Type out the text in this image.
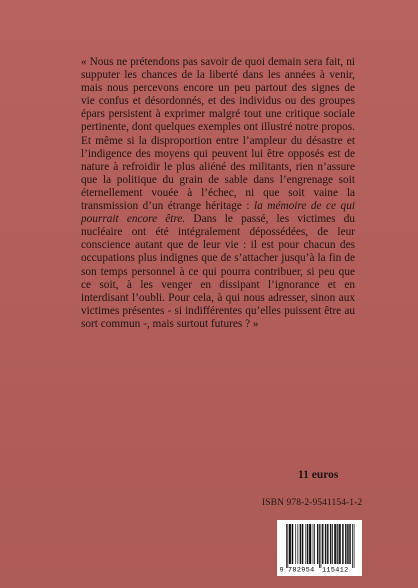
« Nous ne prétendons pas savoir de quoi demain sera fait, ni supputer les chances de la liberté dans les années à venir, mais nous percevons encore un peu partout des signes de vie confus et désordonnés, et des individus ou des groupes épars persistent à exprimer malgré tout une critique sociale pertinente, dont quelques exemples ont illustré notre propos. Et même si la disproportion entre l’ampleur du désastre et l’indigence des moyens qui peuvent lui être opposés est de nature à refroidir le plus aliéné des militants, rien n’assure que la politique du grain de sable dans l’engrenage soit éternellement vouée à l’échec, ni que soit vaine la transmission d’un étrange héritage : la mémoire de ce qui pourrait encore être. Dans le passé, les victimes du nucléaire ont été intégralement dépossédées, de leur conscience autant que de leur vie : il est pour chacun des occupations plus indignes que de s’attacher jusqu’à la fin de son temps personnel à ce qui pourra contribuer, si peu que ce soit, à les venger en dissipant l’ignorance et en interdisant l’oubli. Pour cela, à qui nous adresser, sinon aux victimes présentes - si indifférentes qu’elles puissent être au sort commun -, mais surtout futures ? »

11 euros
ISBN 978-2-9541154-1-2
9 782954 115412
